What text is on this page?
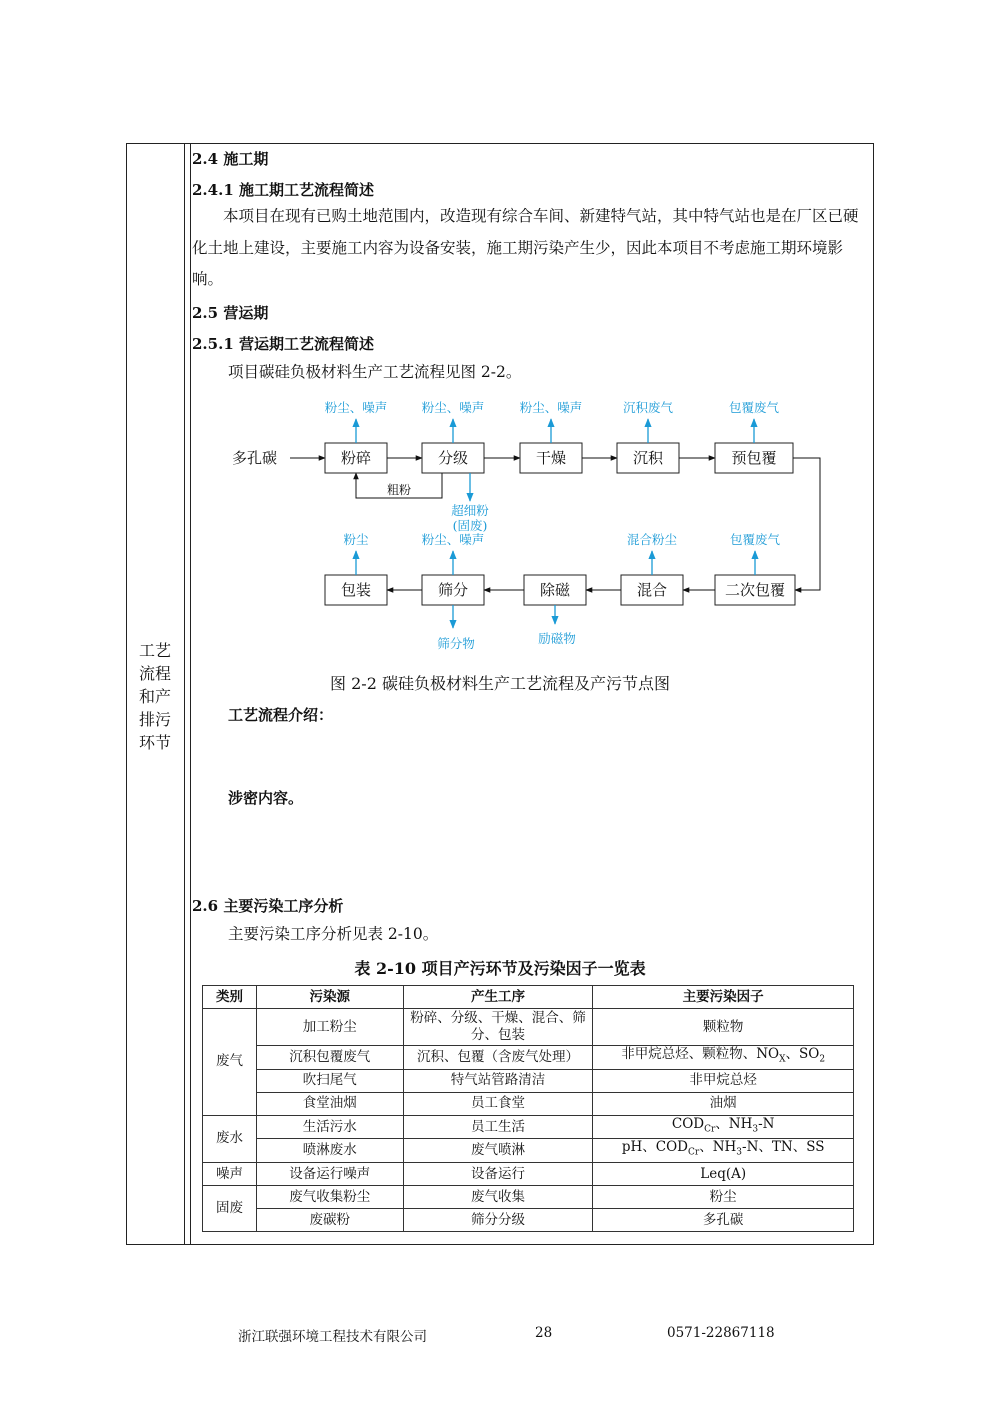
工艺流程和产排污环节
2.4 施工期
2.4.1 施工期工艺流程简述
本项目在现有已购土地范围内，改造现有综合车间、新建特气站，其中特气站也是在厂区已硬化土地上建设，主要施工内容为设备安装，施工期污染产生少，因此本项目不考虑施工期环境影响。
2.5 营运期
2.5.1 营运期工艺流程简述
项目碳硅负极材料生产工艺流程见图 2-2。
多孔碳	粉碎
粉尘、噪声
分级
粉尘、噪声
干燥
粉尘、噪声
沉积
沉积废气
预包覆
包覆废气
粗粉
超细粉
(固废)
包装
粉尘
筛分
粉尘、噪声
除磁	混合
混合粉尘
二次包覆
包覆废气
筛分物	励磁物
图 2-2 碳硅负极材料生产工艺流程及产污节点图
工艺流程介绍：
涉密内容。
2.6 主要污染工序分析
主要污染工序分析见表 2-10。
表 2-10 项目产污环节及污染因子一览表
类别	污染源	产生工序	主要污染因子
废气	加工粉尘	粉碎、分级、干燥、混合、筛分、包装	颗粒物
	沉积包覆废气	沉积、包覆（含废气处理）	非甲烷总烃、颗粒物、$NO_X$、$SO_2$
	吹扫尾气	特气站管路清洁	非甲烷总烃
	食堂油烟	员工食堂	油烟
废水	生活污水	员工生活	$COD_{Cr}$、$NH_3-N$
	喷淋废水	废气喷淋	pH、$COD_{Cr}$、$NH_3-N$、TN、SS
噪声	设备运行噪声	设备运行	Leq(A)
固废	废气收集粉尘	废气收集	粉尘
	废碳粉	筛分分级	多孔碳
浙江联强环境工程技术有限公司	28	0571-22867118
